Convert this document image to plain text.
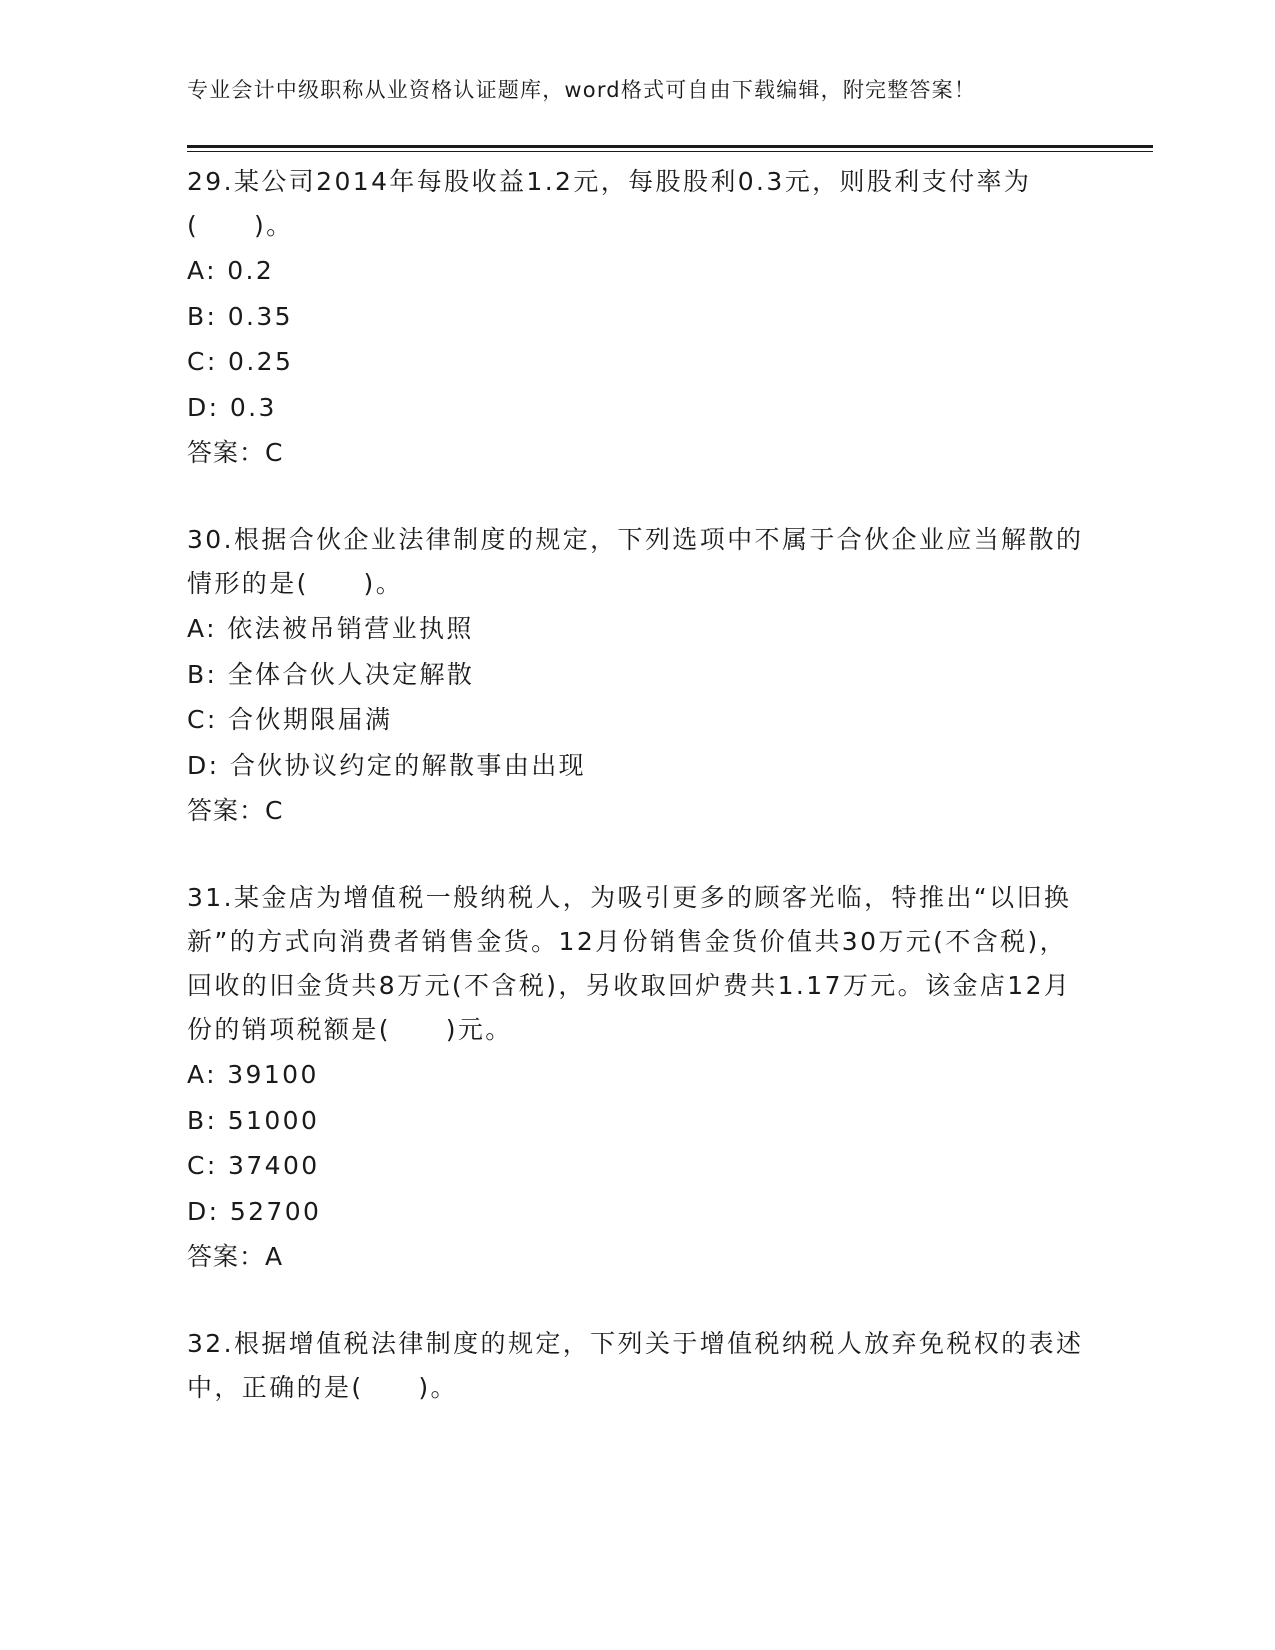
专业会计中级职称从业资格认证题库，word格式可自由下载编辑，附完整答案！

29.某公司2014年每股收益1.2元，每股股利0.3元，则股利支付率为(　　)。

A: 0.2

B: 0.35

C: 0.25

D: 0.3

答案：C

30.根据合伙企业法律制度的规定，下列选项中不属于合伙企业应当解散的情形的是(　　)。

A: 依法被吊销营业执照

B: 全体合伙人决定解散

C: 合伙期限届满

D: 合伙协议约定的解散事由出现

答案：C

31.某金店为增值税一般纳税人，为吸引更多的顾客光临，特推出“以旧换新”的方式向消费者销售金货。12月份销售金货价值共30万元(不含税)，回收的旧金货共8万元(不含税)，另收取回炉费共1.17万元。该金店12月份的销项税额是(　　)元。

A: 39100

B: 51000

C: 37400

D: 52700

答案：A

32.根据增值税法律制度的规定，下列关于增值税纳税人放弃免税权的表述中，正确的是(　　)。
